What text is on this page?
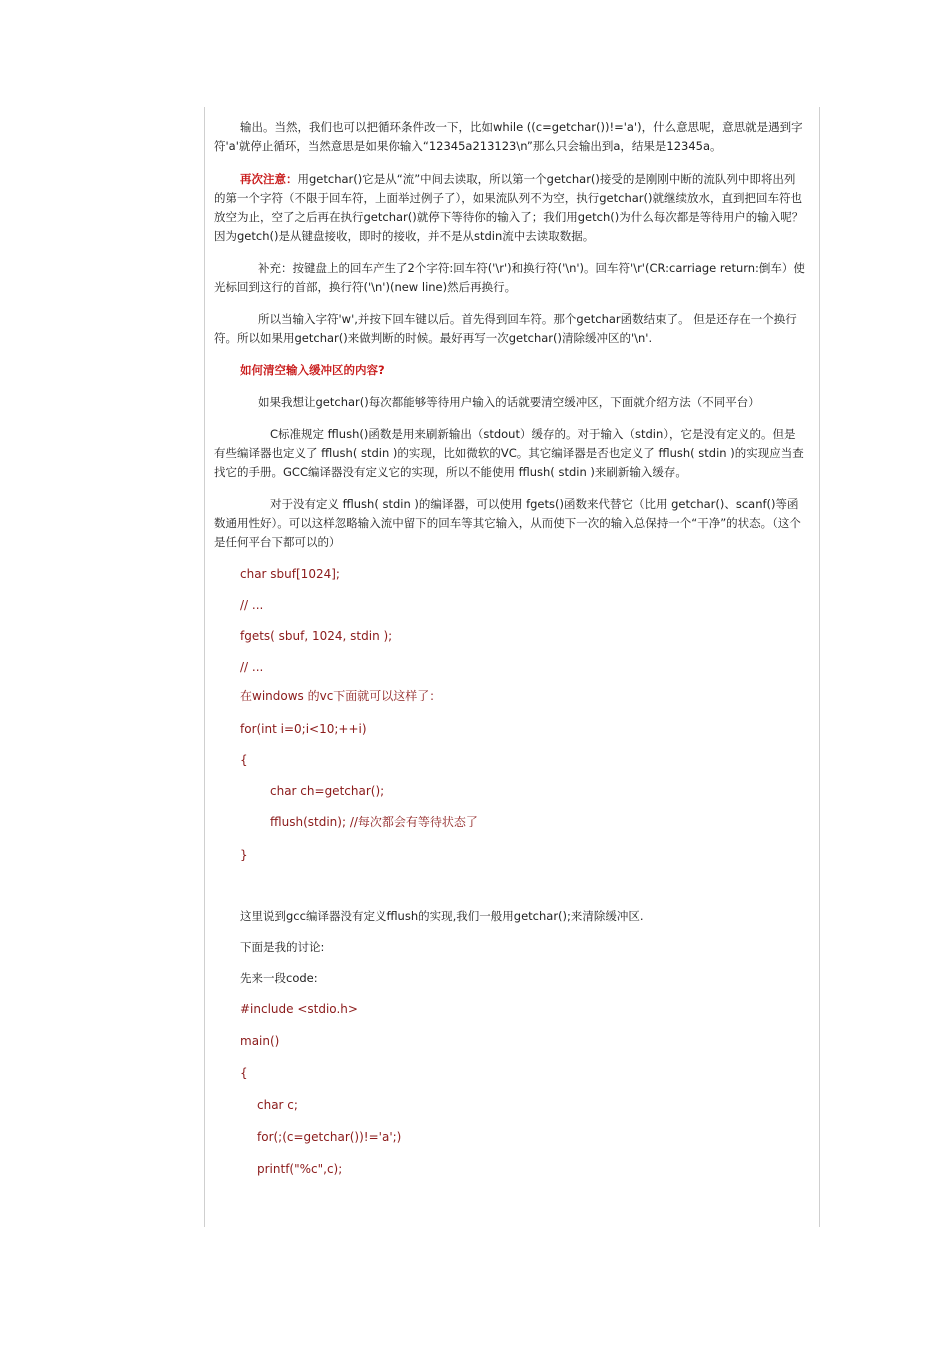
输出。当然，我们也可以把循环条件改一下，比如while ((c=getchar())!='a')，什么意思呢，意思就是遇到字符'a'就停止循环，当然意思是如果你输入“12345a213123\n”那么只会输出到a，结果是12345a。

再次注意：用getchar()它是从“流”中间去读取，所以第一个getchar()接受的是刚刚中断的流队列中即将出列的第一个字符（不限于回车符，上面举过例子了），如果流队列不为空，执行getchar()就继续放水，直到把回车符也放空为止，空了之后再在执行getchar()就停下等待你的输入了；我们用getch()为什么每次都是等待用户的输入呢？因为getch()是从键盘接收，即时的接收，并不是从stdin流中去读取数据。

补充：按键盘上的回车产生了2个字符:回车符('\r')和换行符('\n')。回车符'\r'(CR:carriage return:倒车）使光标回到这行的首部，换行符('\n')(new line)然后再换行。

所以当输入字符'w',并按下回车键以后。首先得到回车符。那个getchar函数结束了。 但是还存在一个换行符。所以如果用getchar()来做判断的时候。最好再写一次getchar()清除缓冲区的'\n'.

如何清空输入缓冲区的内容?

如果我想让getchar()每次都能够等待用户输入的话就要清空缓冲区，下面就介绍方法（不同平台）

C标准规定 fflush()函数是用来刷新输出（stdout）缓存的。对于输入（stdin），它是没有定义的。但是有些编译器也定义了 fflush( stdin )的实现，比如微软的VC。其它编译器是否也定义了 fflush( stdin )的实现应当查找它的手册。GCC编译器没有定义它的实现，所以不能使用 fflush( stdin )来刷新输入缓存。

对于没有定义 fflush( stdin )的编译器，可以使用 fgets()函数来代替它（比用 getchar()、scanf()等函数通用性好）。可以这样忽略输入流中留下的回车等其它输入，从而使下一次的输入总保持一个“干净”的状态。（这个是任何平台下都可以的）

char sbuf[1024];

// ...

fgets( sbuf, 1024, stdin );

// ...

在windows 的vc下面就可以这样了：

for(int i=0;i<10;++i)

{

char ch=getchar();

fflush(stdin); //每次都会有等待状态了

}

这里说到gcc编译器没有定义fflush的实现,我们一般用getchar();来清除缓冲区.

下面是我的讨论:

先来一段code:

#include <stdio.h>

main()

{

char c;

for(;(c=getchar())!='a';)

printf("%c",c);
